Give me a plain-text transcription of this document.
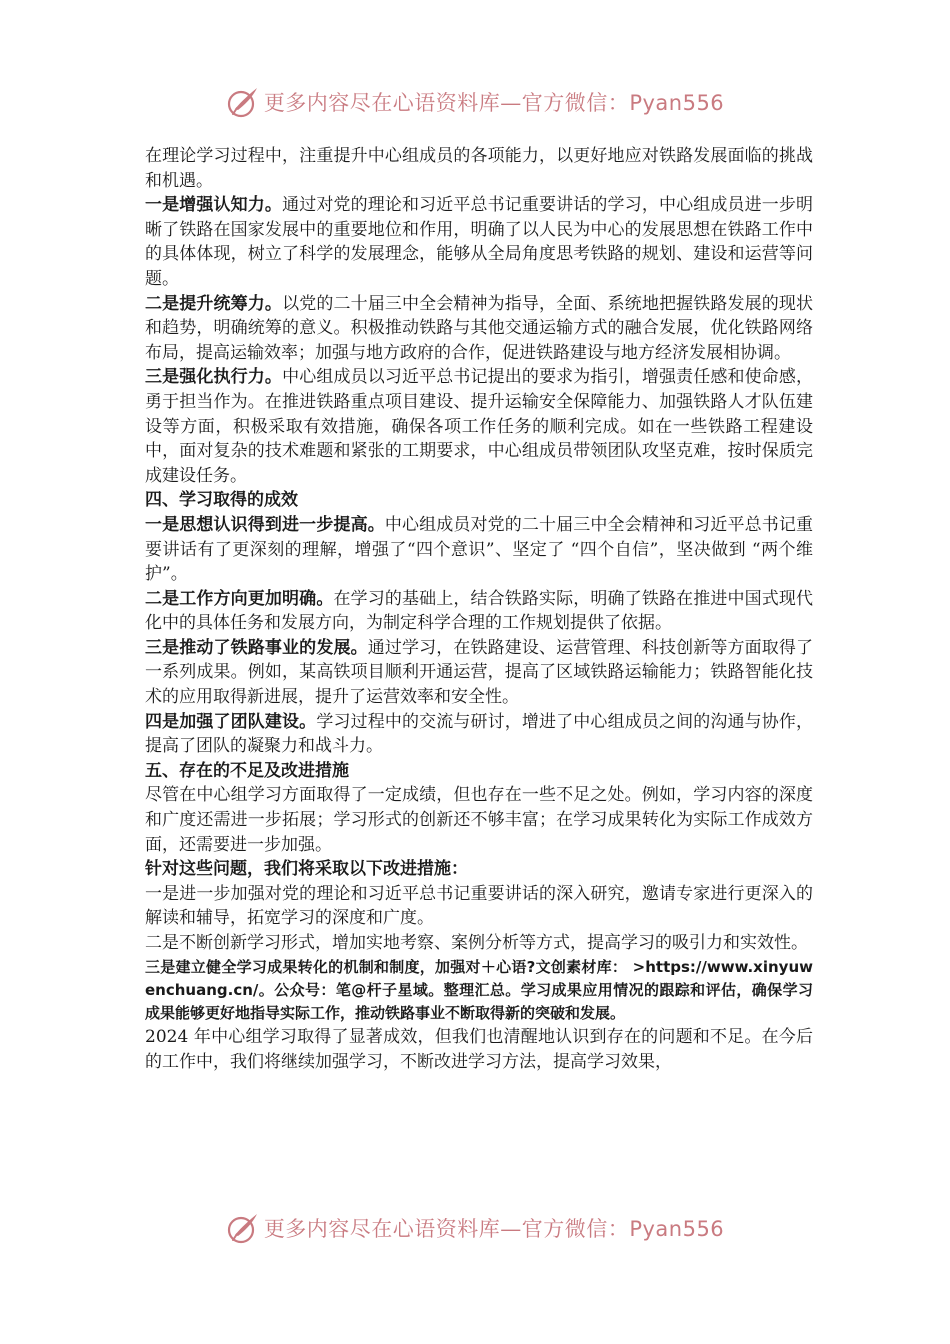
更多内容尽在心语资料库—官方微信：Pyan556

在理论学习过程中，注重提升中心组成员的各项能力，以更好地应对铁路发展面临的挑战和机遇。

一是增强认知力。通过对党的理论和习近平总书记重要讲话的学习，中心组成员进一步明晰了铁路在国家发展中的重要地位和作用，明确了以人民为中心的发展思想在铁路工作中的具体体现，树立了科学的发展理念，能够从全局角度思考铁路的规划、建设和运营等问题。

二是提升统筹力。以党的二十届三中全会精神为指导，全面、系统地把握铁路发展的现状和趋势，明确统筹的意义。积极推动铁路与其他交通运输方式的融合发展，优化铁路网络布局，提高运输效率；加强与地方政府的合作，促进铁路建设与地方经济发展相协调。

三是强化执行力。中心组成员以习近平总书记提出的要求为指引，增强责任感和使命感，勇于担当作为。在推进铁路重点项目建设、提升运输安全保障能力、加强铁路人才队伍建设等方面，积极采取有效措施，确保各项工作任务的顺利完成。如在一些铁路工程建设中，面对复杂的技术难题和紧张的工期要求，中心组成员带领团队攻坚克难，按时保质完成建设任务。

四、学习取得的成效

一是思想认识得到进一步提高。中心组成员对党的二十届三中全会精神和习近平总书记重要讲话有了更深刻的理解，增强了“四个意识”、坚定了 “四个自信”，坚决做到 “两个维护”。

二是工作方向更加明确。在学习的基础上，结合铁路实际，明确了铁路在推进中国式现代化中的具体任务和发展方向，为制定科学合理的工作规划提供了依据。

三是推动了铁路事业的发展。通过学习，在铁路建设、运营管理、科技创新等方面取得了一系列成果。例如，某高铁项目顺利开通运营，提高了区域铁路运输能力；铁路智能化技术的应用取得新进展，提升了运营效率和安全性。

四是加强了团队建设。学习过程中的交流与研讨，增进了中心组成员之间的沟通与协作，提高了团队的凝聚力和战斗力。

五、存在的不足及改进措施

尽管在中心组学习方面取得了一定成绩，但也存在一些不足之处。例如，学习内容的深度和广度还需进一步拓展；学习形式的创新还不够丰富；在学习成果转化为实际工作成效方面，还需要进一步加强。

针对这些问题，我们将采取以下改进措施：

一是进一步加强对党的理论和习近平总书记重要讲话的深入研究，邀请专家进行更深入的解读和辅导，拓宽学习的深度和广度。

二是不断创新学习形式，增加实地考察、案例分析等方式，提高学习的吸引力和实效性。

三是建立健全学习成果转化的机制和制度，加强对＋心语?文创素材库： >https://www.xinyuwenchuang.cn/。公众号：笔@杆子星域。整理汇总。学习成果应用情况的跟踪和评估，确保学习成果能够更好地指导实际工作，推动铁路事业不断取得新的突破和发展。

2024 年中心组学习取得了显著成效，但我们也清醒地认识到存在的问题和不足。在今后的工作中，我们将继续加强学习，不断改进学习方法，提高学习效果，

更多内容尽在心语资料库—官方微信：Pyan556
